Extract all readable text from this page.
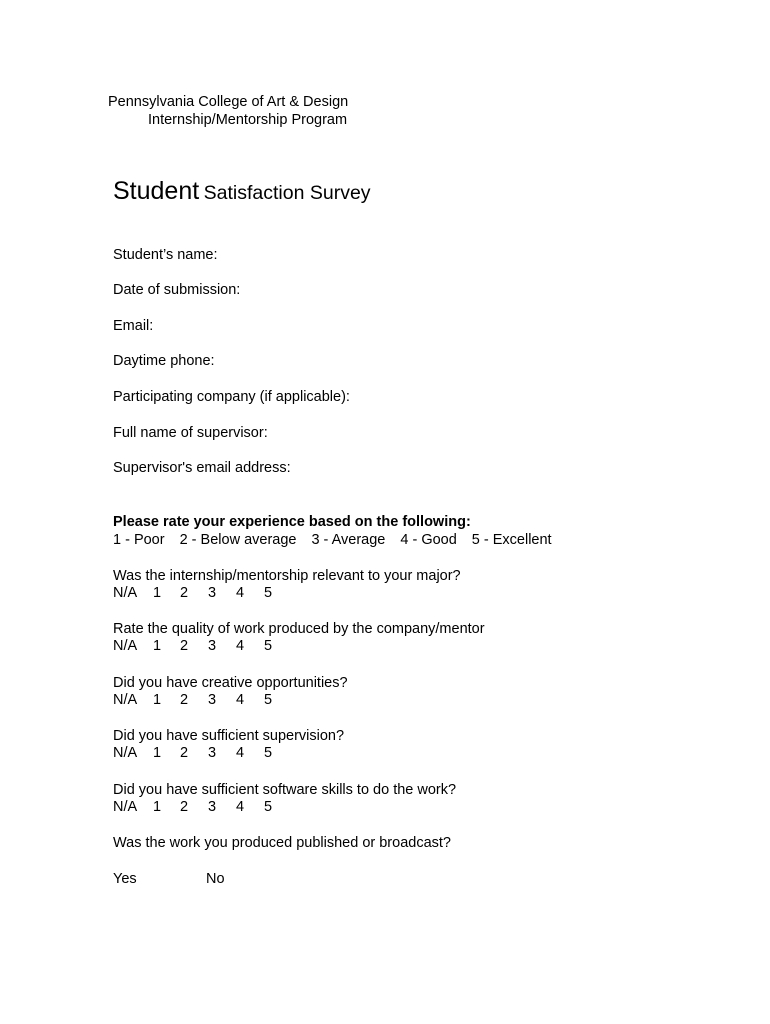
Pennsylvania College of Art & Design
Internship/Mentorship Program
Student Satisfaction Survey
Student’s name:
Date of submission:
Email:
Daytime phone:
Participating company (if applicable):
Full name of supervisor:
Supervisor's email address:
Please rate your experience based on the following:
1 - Poor 2 - Below average 3 - Average 4 - Good 5 - Excellent
Was the internship/mentorship relevant to your major?
N/A 1 2 3 4 5
Rate the quality of work produced by the company/mentor
N/A 1 2 3 4 5
Did you have creative opportunities?
N/A 1 2 3 4 5
Did you have sufficient supervision?
N/A 1 2 3 4 5
Did you have sufficient software skills to do the work?
N/A 1 2 3 4 5
Was the work you produced published or broadcast?
Yes	No
